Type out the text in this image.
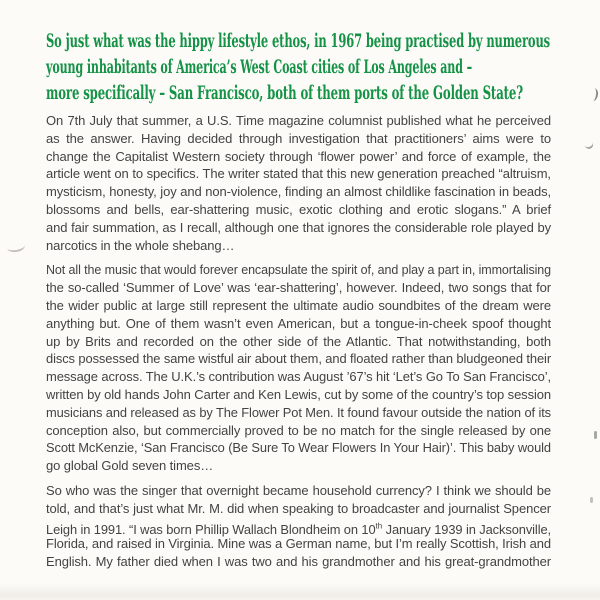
So just what was the hippy lifestyle ethos, in 1967 being practised by numerous
young inhabitants of America’s West Coast cities of Los Angeles and –
more specifically – San Francisco, both of them ports of the Golden State?
On 7th July that summer, a U.S. Time magazine columnist published what he perceived
as the answer. Having decided through investigation that practitioners’ aims were to
change the Capitalist Western society through ‘flower power’ and force of example, the
article went on to specifics. The writer stated that this new generation preached “altruism,
mysticism, honesty, joy and non-violence, finding an almost childlike fascination in beads,
blossoms and bells, ear-shattering music, exotic clothing and erotic slogans.” A brief
and fair summation, as I recall, although one that ignores the considerable role played by
narcotics in the whole shebang…
Not all the music that would forever encapsulate the spirit of, and play a part in, immortalising
the so-called ‘Summer of Love’ was ‘ear-shattering’, however. Indeed, two songs that for
the wider public at large still represent the ultimate audio soundbites of the dream were
anything but. One of them wasn’t even American, but a tongue-in-cheek spoof thought
up by Brits and recorded on the other side of the Atlantic. That notwithstanding, both
discs possessed the same wistful air about them, and floated rather than bludgeoned their
message across. The U.K.’s contribution was August ’67’s hit ‘Let’s Go To San Francisco’,
written by old hands John Carter and Ken Lewis, cut by some of the country’s top session
musicians and released as by The Flower Pot Men. It found favour outside the nation of its
conception also, but commercially proved to be no match for the single released by one
Scott McKenzie, ‘San Francisco (Be Sure To Wear Flowers In Your Hair)’. This baby would
go global Gold seven times…
So who was the singer that overnight became household currency? I think we should be
told, and that’s just what Mr. M. did when speaking to broadcaster and journalist Spencer
Leigh in 1991. “I was born Phillip Wallach Blondheim on 10th January 1939 in Jacksonville,
Florida, and raised in Virginia. Mine was a German name, but I’m really Scottish, Irish and
English. My father died when I was two and his grandmother and his great-grandmother
